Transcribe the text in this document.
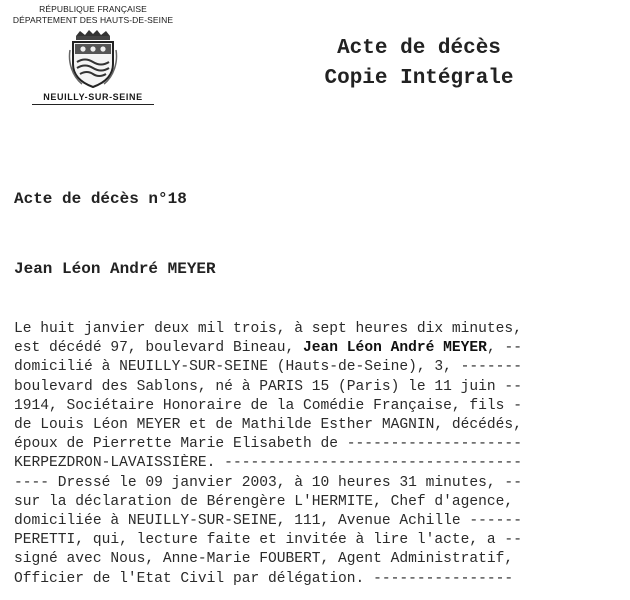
RÉPUBLIQUE FRANÇAISE
DÉPARTEMENT DES HAUTS-DE-SEINE
NEUILLY-SUR-SEINE
Acte de décès
Copie Intégrale
Acte de décès n°18
Jean Léon André MEYER
Le huit janvier deux mil trois, à sept heures dix minutes,
est décédé 97, boulevard Bineau, Jean Léon André MEYER, --
domicilié à NEUILLY-SUR-SEINE (Hauts-de-Seine), 3, -------
boulevard des Sablons, né à PARIS 15 (Paris) le 11 juin --
1914, Sociétaire Honoraire de la Comédie Française, fils -
de Louis Léon MEYER et de Mathilde Esther MAGNIN, décédés,
époux de Pierrette Marie Elisabeth de --------------------
KERPEZDRON-LAVAISSIÈRE. ----------------------------------
---- Dressé le 09 janvier 2003, à 10 heures 31 minutes, --
sur la déclaration de Bérengère L'HERMITE, Chef d'agence,
domiciliée à NEUILLY-SUR-SEINE, 111, Avenue Achille ------
PERETTI, qui, lecture faite et invitée à lire l'acte, a --
signé avec Nous, Anne-Marie FOUBERT, Agent Administratif,
Officier de l'Etat Civil par délégation. ----------------
